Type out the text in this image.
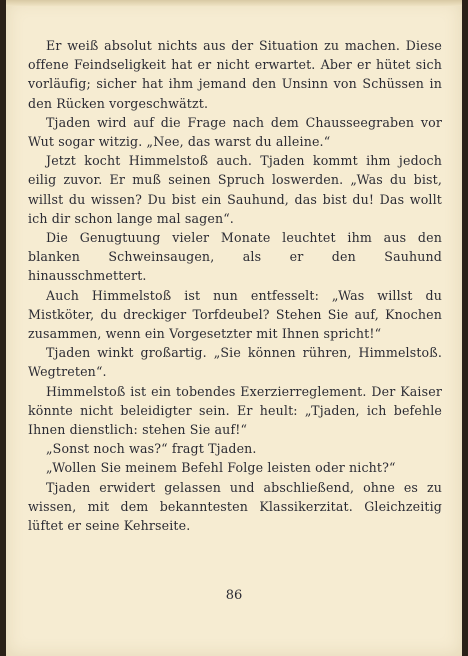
Er weiß absolut nichts aus der Situation zu machen. Diese offene Feindseligkeit hat er nicht erwartet. Aber er hütet sich vorläufig; sicher hat ihm jemand den Unsinn von Schüssen in den Rücken vorgeschwätzt.

Tjaden wird auf die Frage nach dem Chausseegraben vor Wut sogar witzig. „Nee, das warst du alleine.“

Jetzt kocht Himmelstoß auch. Tjaden kommt ihm jedoch eilig zuvor. Er muß seinen Spruch loswerden. „Was du bist, willst du wissen? Du bist ein Sauhund, das bist du! Das wollt ich dir schon lange mal sagen“.

Die Genugtuung vieler Monate leuchtet ihm aus den blanken Schweinsaugen, als er den Sauhund hinausschmettert.

Auch Himmelstoß ist nun entfesselt: „Was willst du Mistköter, du dreckiger Torfdeubel? Stehen Sie auf, Knochen zusammen, wenn ein Vorgesetzter mit Ihnen spricht!“

Tjaden winkt großartig. „Sie können rühren, Himmelstoß. Wegtreten“.

Himmelstoß ist ein tobendes Exerzierreglement. Der Kaiser könnte nicht beleidigter sein. Er heult: „Tjaden, ich befehle Ihnen dienstlich: stehen Sie auf!“

„Sonst noch was?“ fragt Tjaden.

„Wollen Sie meinem Befehl Folge leisten oder nicht?“

Tjaden erwidert gelassen und abschließend, ohne es zu wissen, mit dem bekanntesten Klassikerzitat. Gleichzeitig lüftet er seine Kehrseite.

86
